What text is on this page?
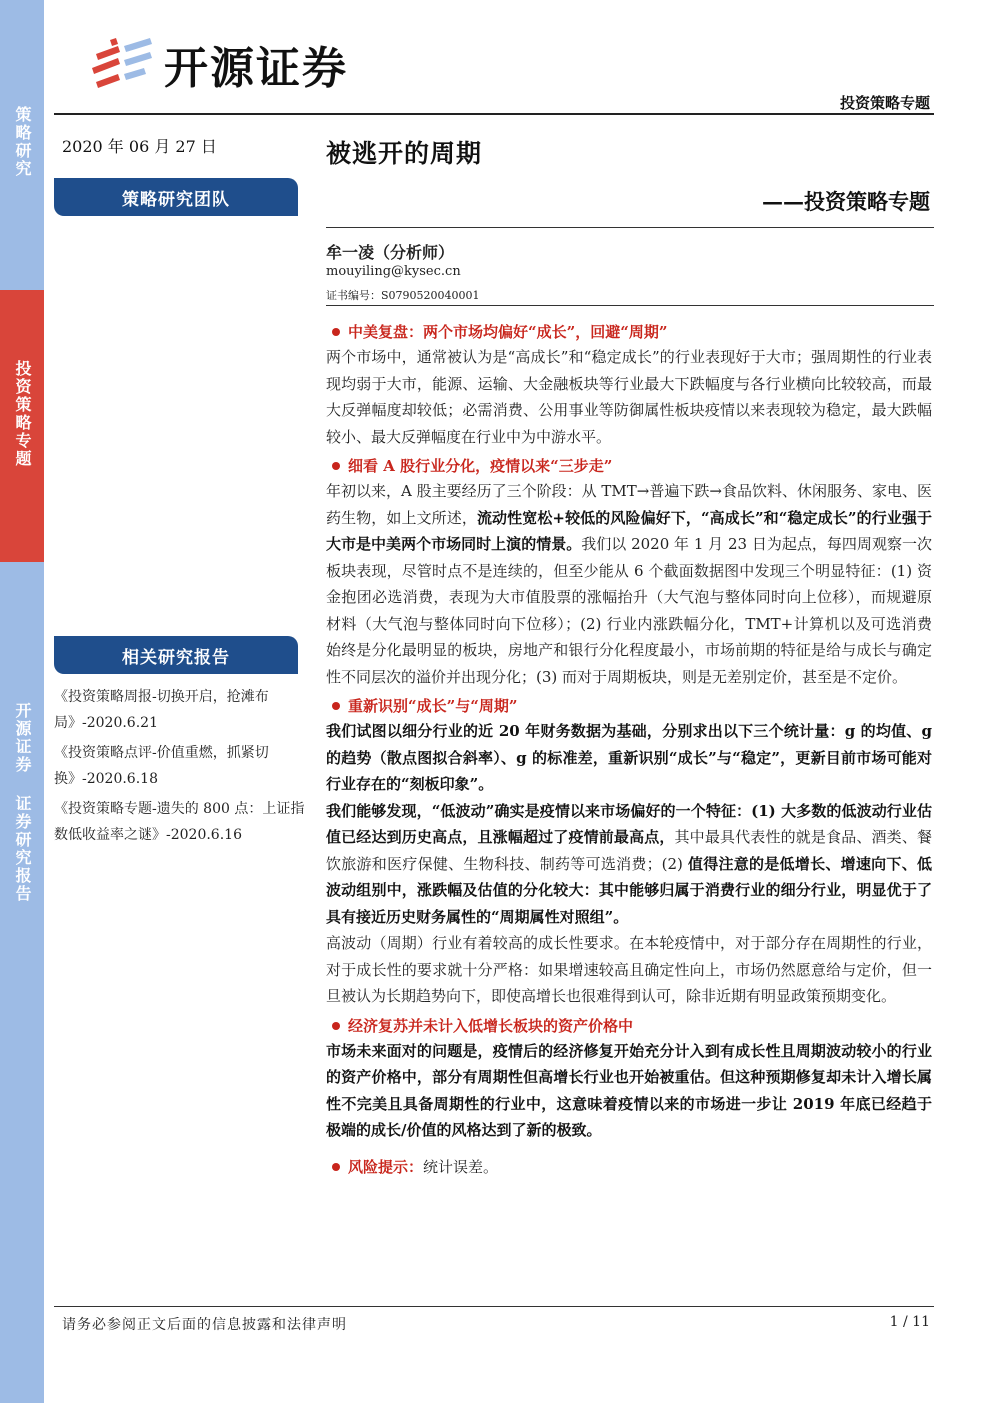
策略研究
投资策略专题
开源证券 证券研究报告
开源证券
投资策略专题
2020 年 06 月 27 日
策略研究团队
相关研究报告
《投资策略周报-切换开启，抢滩布局》-2020.6.21
《投资策略点评-价值重燃，抓紧切换》-2020.6.18
《投资策略专题-遗失的 800 点：上证指数低收益率之谜》-2020.6.16
被逃开的周期
——投资策略专题
牟一凌（分析师）
mouyiling@kysec.cn
证书编号：S0790520040001
中美复盘：两个市场均偏好“成长”，回避“周期”
两个市场中，通常被认为是“高成长”和“稳定成长”的行业表现好于大市；强周期性的行业表现均弱于大市，能源、运输、大金融板块等行业最大下跌幅度与各行业横向比较较高，而最大反弹幅度却较低；必需消费、公用事业等防御属性板块疫情以来表现较为稳定，最大跌幅较小、最大反弹幅度在行业中为中游水平。
细看 A 股行业分化，疫情以来“三步走”
年初以来，A 股主要经历了三个阶段：从 TMT→普遍下跌→食品饮料、休闲服务、家电、医药生物，如上文所述，流动性宽松+较低的风险偏好下，“高成长”和“稳定成长”的行业强于大市是中美两个市场同时上演的情景。我们以 2020 年 1 月 23 日为起点，每四周观察一次板块表现，尽管时点不是连续的，但至少能从 6 个截面数据图中发现三个明显特征：(1) 资金抱团必选消费，表现为大市值股票的涨幅抬升（大气泡与整体同时向上位移），而规避原材料（大气泡与整体同时向下位移）；(2) 行业内涨跌幅分化，TMT+计算机以及可选消费始终是分化最明显的板块，房地产和银行分化程度最小，市场前期的特征是给与成长与确定性不同层次的溢价并出现分化；(3) 而对于周期板块，则是无差别定价，甚至是不定价。
重新识别“成长”与“周期”
我们试图以细分行业的近 20 年财务数据为基础，分别求出以下三个统计量：g 的均值、g 的趋势（散点图拟合斜率）、g 的标准差，重新识别“成长”与“稳定”，更新目前市场可能对行业存在的“刻板印象”。
我们能够发现，“低波动”确实是疫情以来市场偏好的一个特征：(1) 大多数的低波动行业估值已经达到历史高点，且涨幅超过了疫情前最高点，其中最具代表性的就是食品、酒类、餐饮旅游和医疗保健、生物科技、制药等可选消费；(2) 值得注意的是低增长、增速向下、低波动组别中，涨跌幅及估值的分化较大：其中能够归属于消费行业的细分行业，明显优于了具有接近历史财务属性的“周期属性对照组”。
高波动（周期）行业有着较高的成长性要求。在本轮疫情中，对于部分存在周期性的行业，对于成长性的要求就十分严格：如果增速较高且确定性向上，市场仍然愿意给与定价，但一旦被认为长期趋势向下，即使高增长也很难得到认可，除非近期有明显政策预期变化。
经济复苏并未计入低增长板块的资产价格中
市场未来面对的问题是，疫情后的经济修复开始充分计入到有成长性且周期波动较小的行业的资产价格中，部分有周期性但高增长行业也开始被重估。但这种预期修复却未计入增长属性不完美且具备周期性的行业中，这意味着疫情以来的市场进一步让 2019 年底已经趋于极端的成长/价值的风格达到了新的极致。
风险提示：统计误差。
请务必参阅正文后面的信息披露和法律声明	1 / 11
